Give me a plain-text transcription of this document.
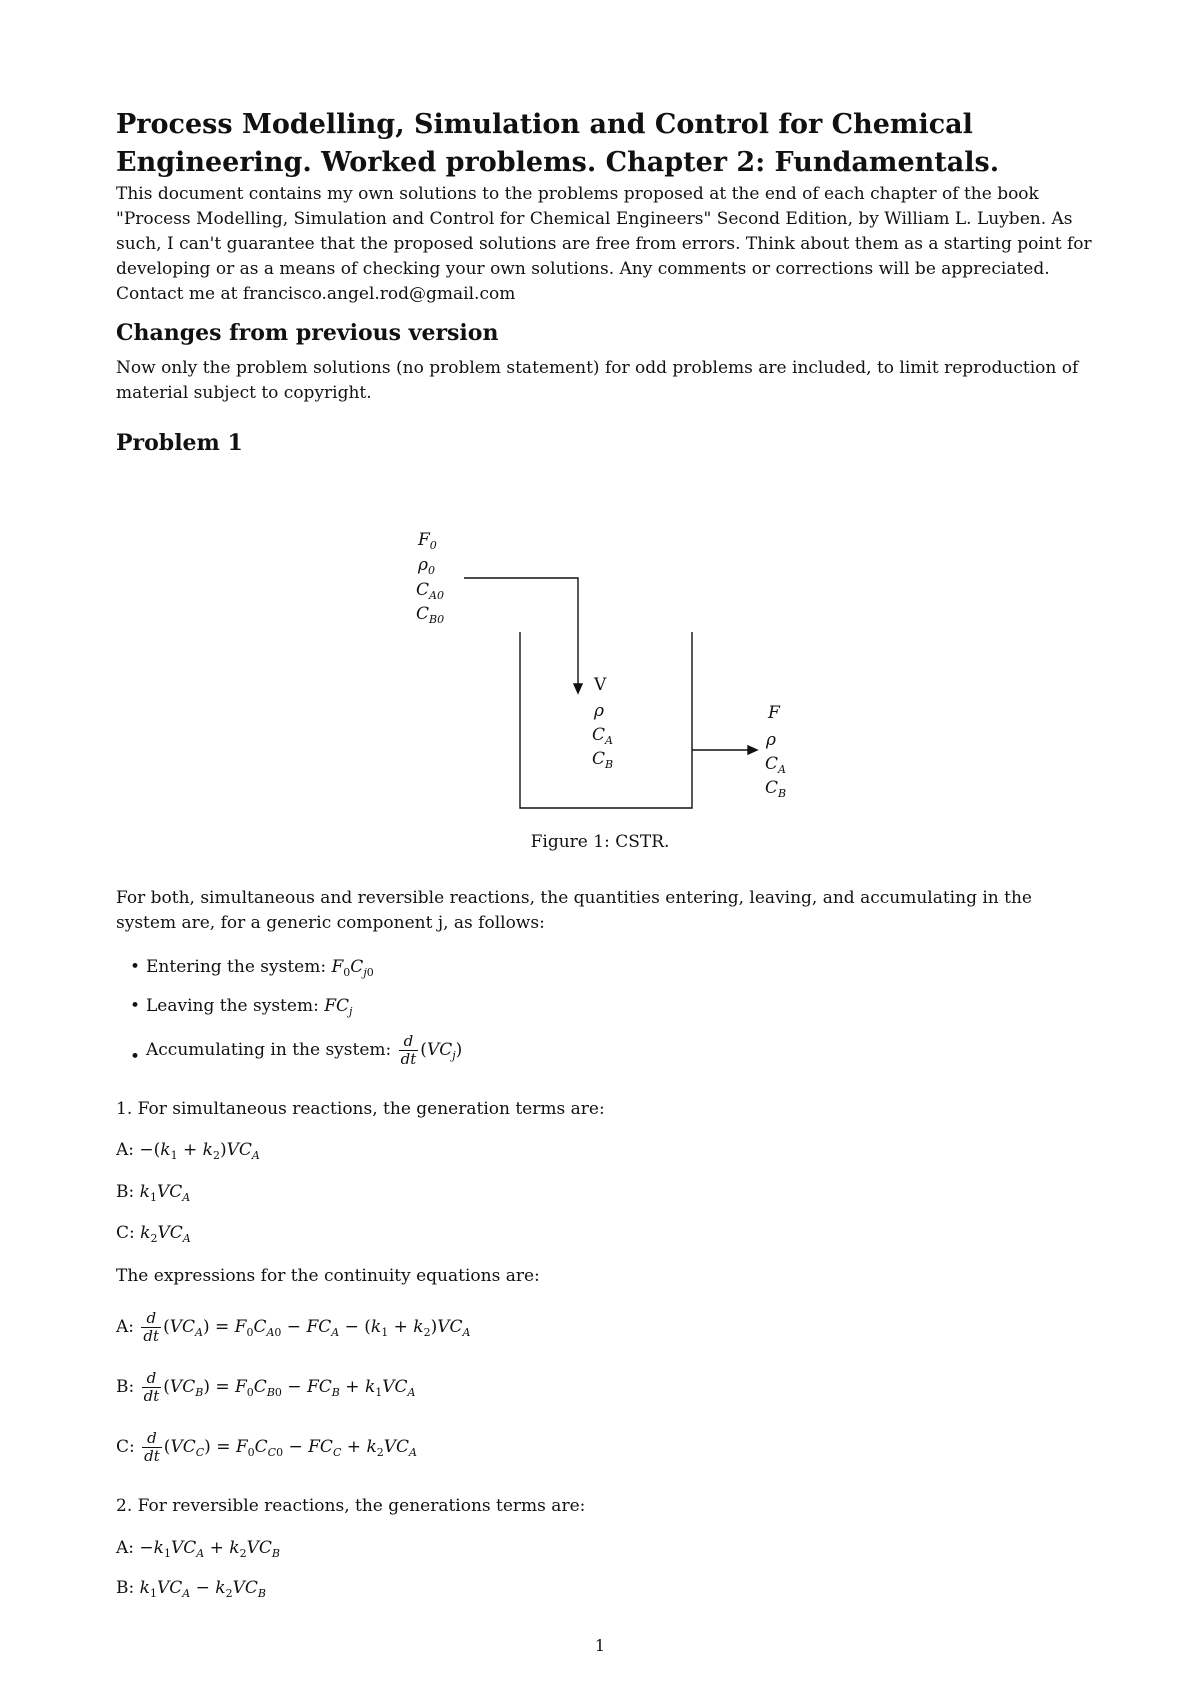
Process Modelling, Simulation and Control for Chemical Engineering. Worked problems. Chapter 2: Fundamentals.
This document contains my own solutions to the problems proposed at the end of each chapter of the book "Process Modelling, Simulation and Control for Chemical Engineers" Second Edition, by William L. Luyben. As such, I can't guarantee that the proposed solutions are free from errors. Think about them as a starting point for developing or as a means of checking your own solutions. Any comments or corrections will be appreciated. Contact me at francisco.angel.rod@gmail.com
Changes from previous version
Now only the problem solutions (no problem statement) for odd problems are included, to limit reproduction of material subject to copyright.
Problem 1
$F_0$
$\rho_0$
$C_{A0}$
$C_{B0}$
V
ρ
$C_A$
$C_B$
F
ρ
$C_A$
$C_B$
Figure 1: CSTR.
For both, simultaneous and reversible reactions, the quantities entering, leaving, and accumulating in the system are, for a generic component j, as follows:
• Entering the system: $F_0C_{j0}$
• Leaving the system: $FC_j$
• Accumulating in the system: $\frac{d}{dt} (VC_j)$
1. For simultaneous reactions, the generation terms are:
A: $-(k_1 + k_2)VC_A$
B: $k_1VC_A$
C: $k_2VC_A$
The expressions for the continuity equations are:
A: $\frac{d}{dt} (VC_A) = F_0C_{A0} - FC_A - (k_1 + k_2)VC_A$
B: $\frac{d}{dt} (VC_B) = F_0C_{B0} - FC_B + k_1VC_A$
C: $\frac{d}{dt} (VC_C) = F_0C_{C0} - FC_C + k_2VC_A$
2. For reversible reactions, the generations terms are:
A: $-k_1VC_A + k_2VC_B$
B: $k_1VC_A - k_2VC_B$
1
